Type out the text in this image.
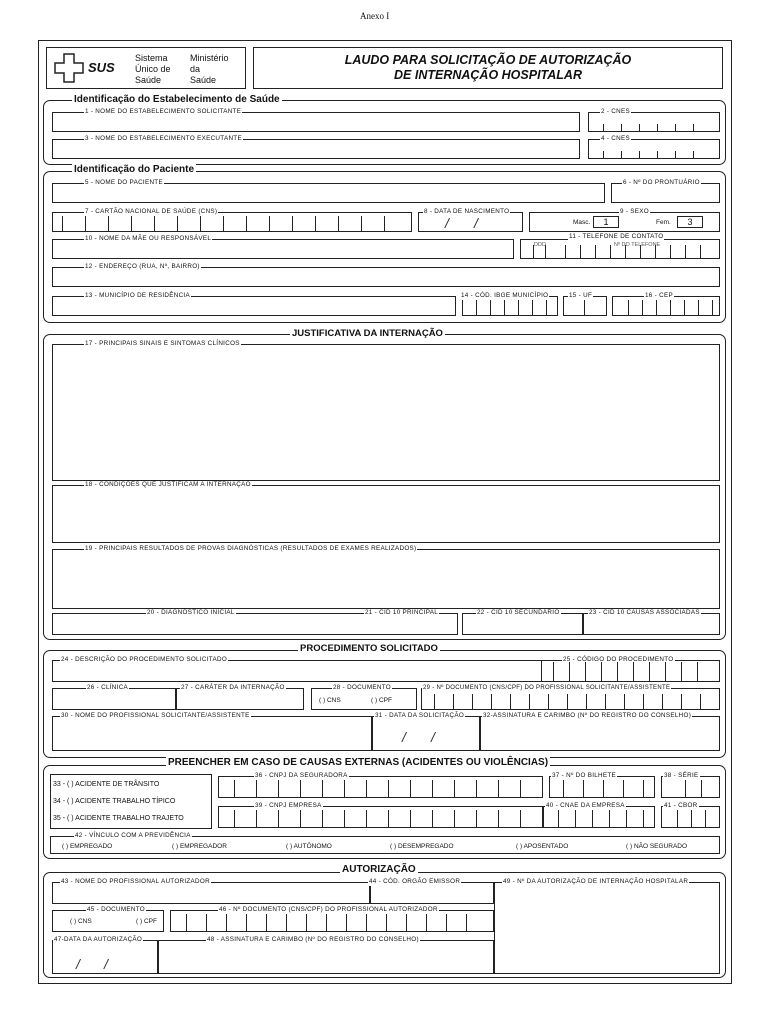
Anexo I
SUS
Sistema
Único de
Saúde
Ministério
da
Saúde
LAUDO PARA SOLICITAÇÃO DE AUTORIZAÇÃO
DE INTERNAÇÃO HOSPITALAR
Identificação do Estabelecimento de Saúde
1 - NOME DO ESTABELECIMENTO SOLICITANTE	2 - CNES
3 - NOME DO ESTABELECIMENTO EXECUTANTE	4 - CNES
Identificação do Paciente
5 - NOME DO PACIENTE	6 - Nº DO PRONTUÁRIO
7 - CARTÃO NACIONAL DE SAÚDE (CNS)	8 - DATA DE NASCIMENTO
/ /
9 - SEXO
Masc.	1	Fem.	3
10 - NOME DA MÃE OU RESPONSÁVEL	11 - TELEFONE DE CONTATO
DDD	Nº DO TELEFONE
12 - ENDEREÇO (RUA, Nº, BAIRRO)
13 - MUNICÍPIO DE RESIDÊNCIA	14 - CÓD. IBGE MUNICÍPIO	15 - UF	16 - CEP
JUSTIFICATIVA DA INTERNAÇÃO
17 - PRINCIPAIS SINAIS E SINTOMAS CLÍNICOS
18 - CONDIÇÕES QUE JUSTIFICAM A INTERNAÇÃO
19 - PRINCIPAIS RESULTADOS DE PROVAS DIAGNÓSTICAS (RESULTADOS DE EXAMES REALIZADOS)
20 - DIAGNÓSTICO INICIAL	21 - CID 10 PRINCIPAL	22 - CID 10 SECUNDÁRIO	23 - CID 10 CAUSAS ASSOCIADAS
PROCEDIMENTO SOLICITADO
24 - DESCRIÇÃO DO PROCEDIMENTO SOLICITADO	25 - CÓDIGO DO PROCEDIMENTO
26 - CLÍNICA	27 - CARÁTER DA INTERNAÇÃO	28 - DOCUMENTO
( ) CNS	( ) CPF
29 - Nº DOCUMENTO (CNS/CPF) DO PROFISSIONAL SOLICITANTE/ASSISTENTE
30 - NOME DO PROFISSIONAL SOLICITANTE/ASSISTENTE	31 - DATA DA SOLICITAÇÃO
/ /
32-ASSINATURA E CARIMBO (Nº DO REGISTRO DO CONSELHO)
PREENCHER EM CASO DE CAUSAS EXTERNAS (ACIDENTES OU VIOLÊNCIAS)
33 - ( ) ACIDENTE DE TRÂNSITO
34 - ( ) ACIDENTE TRABALHO TÍPICO
35 - ( ) ACIDENTE TRABALHO TRAJETO
36 - CNPJ DA SEGURADORA	37 - Nº DO BILHETE	38 - SÉRIE
39 - CNPJ EMPRESA	40 - CNAE DA EMPRESA	41 - CBOR
42 - VÍNCULO COM A PREVIDÊNCIA
( ) EMPREGADO	( ) EMPREGADOR	( ) AUTÔNOMO	( ) DESEMPREGADO	( ) APOSENTADO	( ) NÃO SEGURADO
AUTORIZAÇÃO
43 - NOME DO PROFISSIONAL AUTORIZADOR	44 - CÓD. ORGÃO EMISSOR	49 - Nº DA AUTORIZAÇÃO DE INTERNAÇÃO HOSPITALAR
45 - DOCUMENTO
( ) CNS	( ) CPF
46 - Nº DOCUMENTO (CNS/CPF) DO PROFISSIONAL AUTORIZADOR
47-DATA DA AUTORIZAÇÃO
/ /
48 - ASSINATURA E CARIMBO (Nº DO REGISTRO DO CONSELHO)
